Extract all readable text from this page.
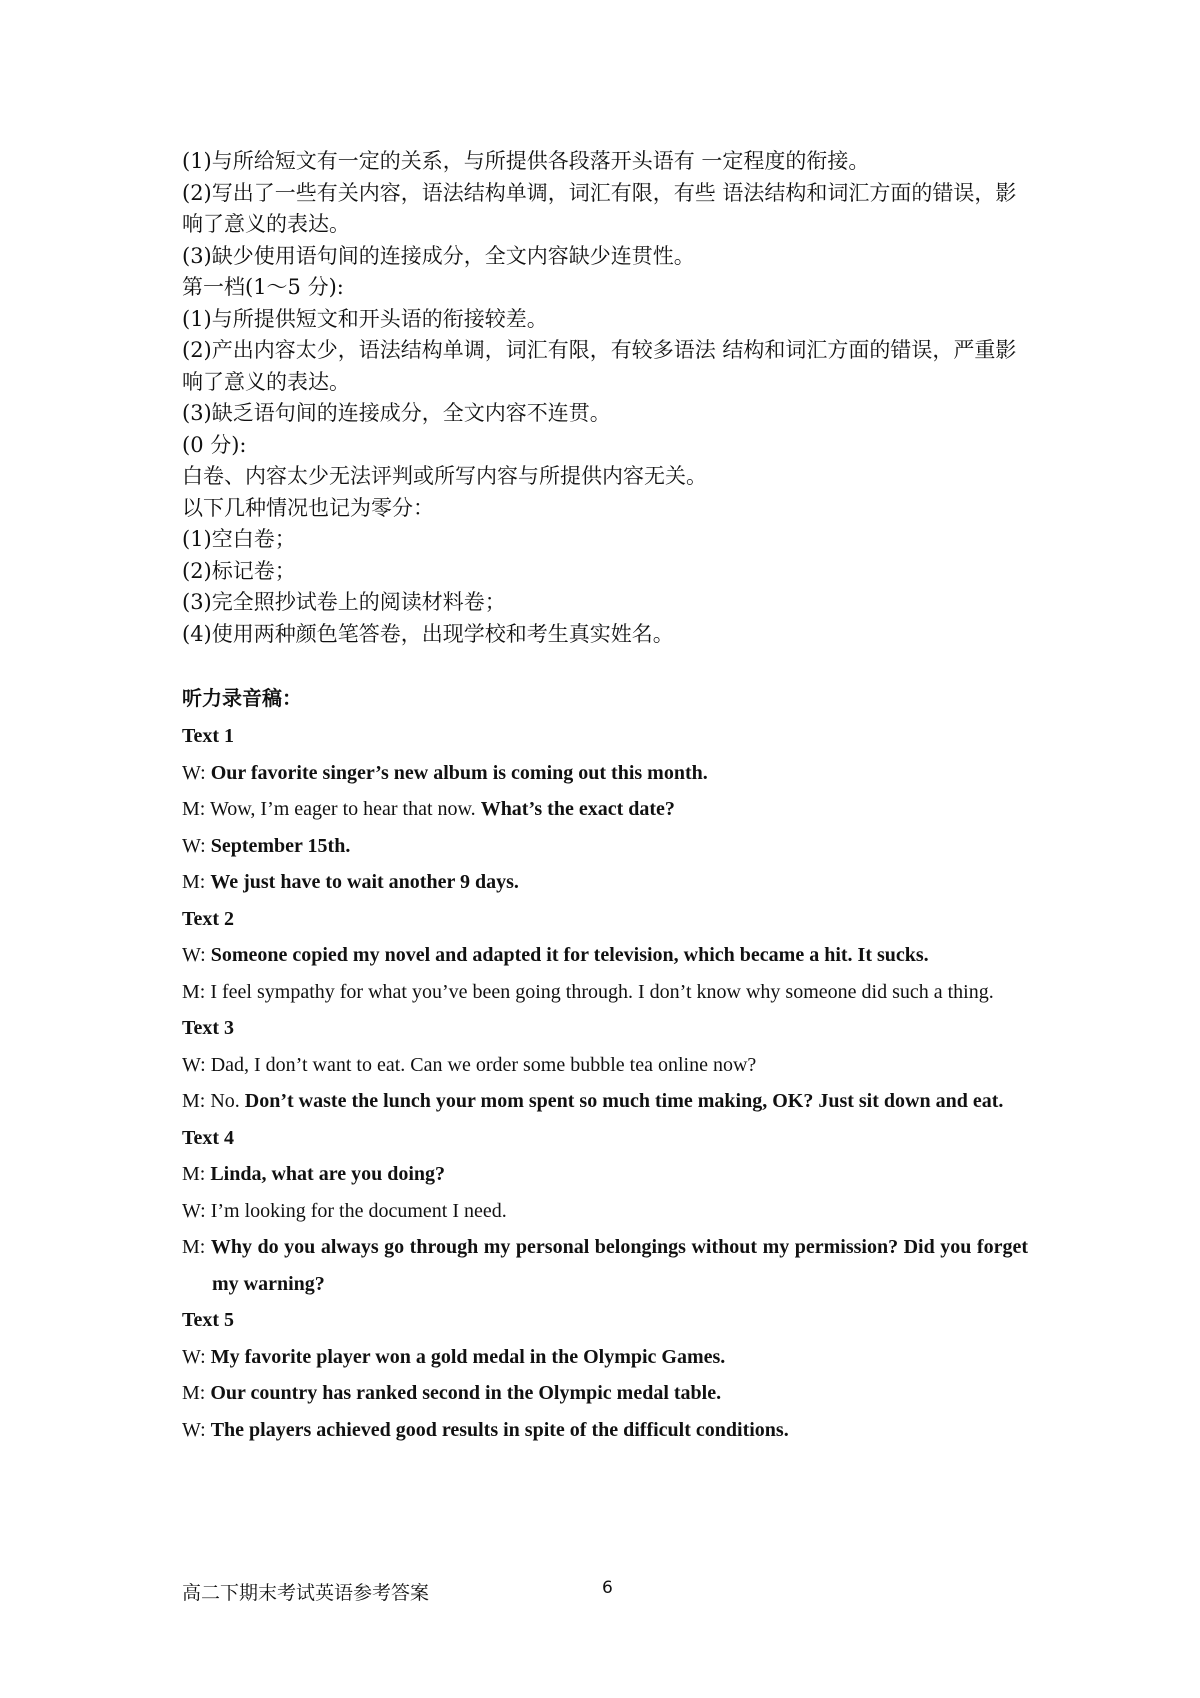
(1)与所给短文有一定的关系，与所提供各段落开头语有 一定程度的衔接。

(2)写出了一些有关内容，语法结构单调，词汇有限，有些 语法结构和词汇方面的错误，影响了意义的表达。

(3)缺少使用语句间的连接成分，全文内容缺少连贯性。

第一档(1～5 分):

(1)与所提供短文和开头语的衔接较差。

(2)产出内容太少，语法结构单调，词汇有限，有较多语法 结构和词汇方面的错误，严重影响了意义的表达。

(3)缺乏语句间的连接成分，全文内容不连贯。

(0 分):

白卷、内容太少无法评判或所写内容与所提供内容无关。

以下几种情况也记为零分：

(1)空白卷；

(2)标记卷；

(3)完全照抄试卷上的阅读材料卷；

(4)使用两种颜色笔答卷，出现学校和考生真实姓名。

听力录音稿：

Text 1

W: Our favorite singer’s new album is coming out this month.

M: Wow, I’m eager to hear that now. What’s the exact date?

W: September 15th.

M: We just have to wait another 9 days.

Text 2

W: Someone copied my novel and adapted it for television, which became a hit. It sucks.

M: I feel sympathy for what you’ve been going through. I don’t know why someone did such a thing.

Text 3

W: Dad, I don’t want to eat. Can we order some bubble tea online now?

M: No. Don’t waste the lunch your mom spent so much time making, OK? Just sit down and eat.

Text 4

M: Linda, what are you doing?

W: I’m looking for the document I need.

M: Why do you always go through my personal belongings without my permission? Did you forget my warning?

Text 5

W: My favorite player won a gold medal in the Olympic Games.

M: Our country has ranked second in the Olympic medal table.

W: The players achieved good results in spite of the difficult conditions.

高二下期末考试英语参考答案	6
